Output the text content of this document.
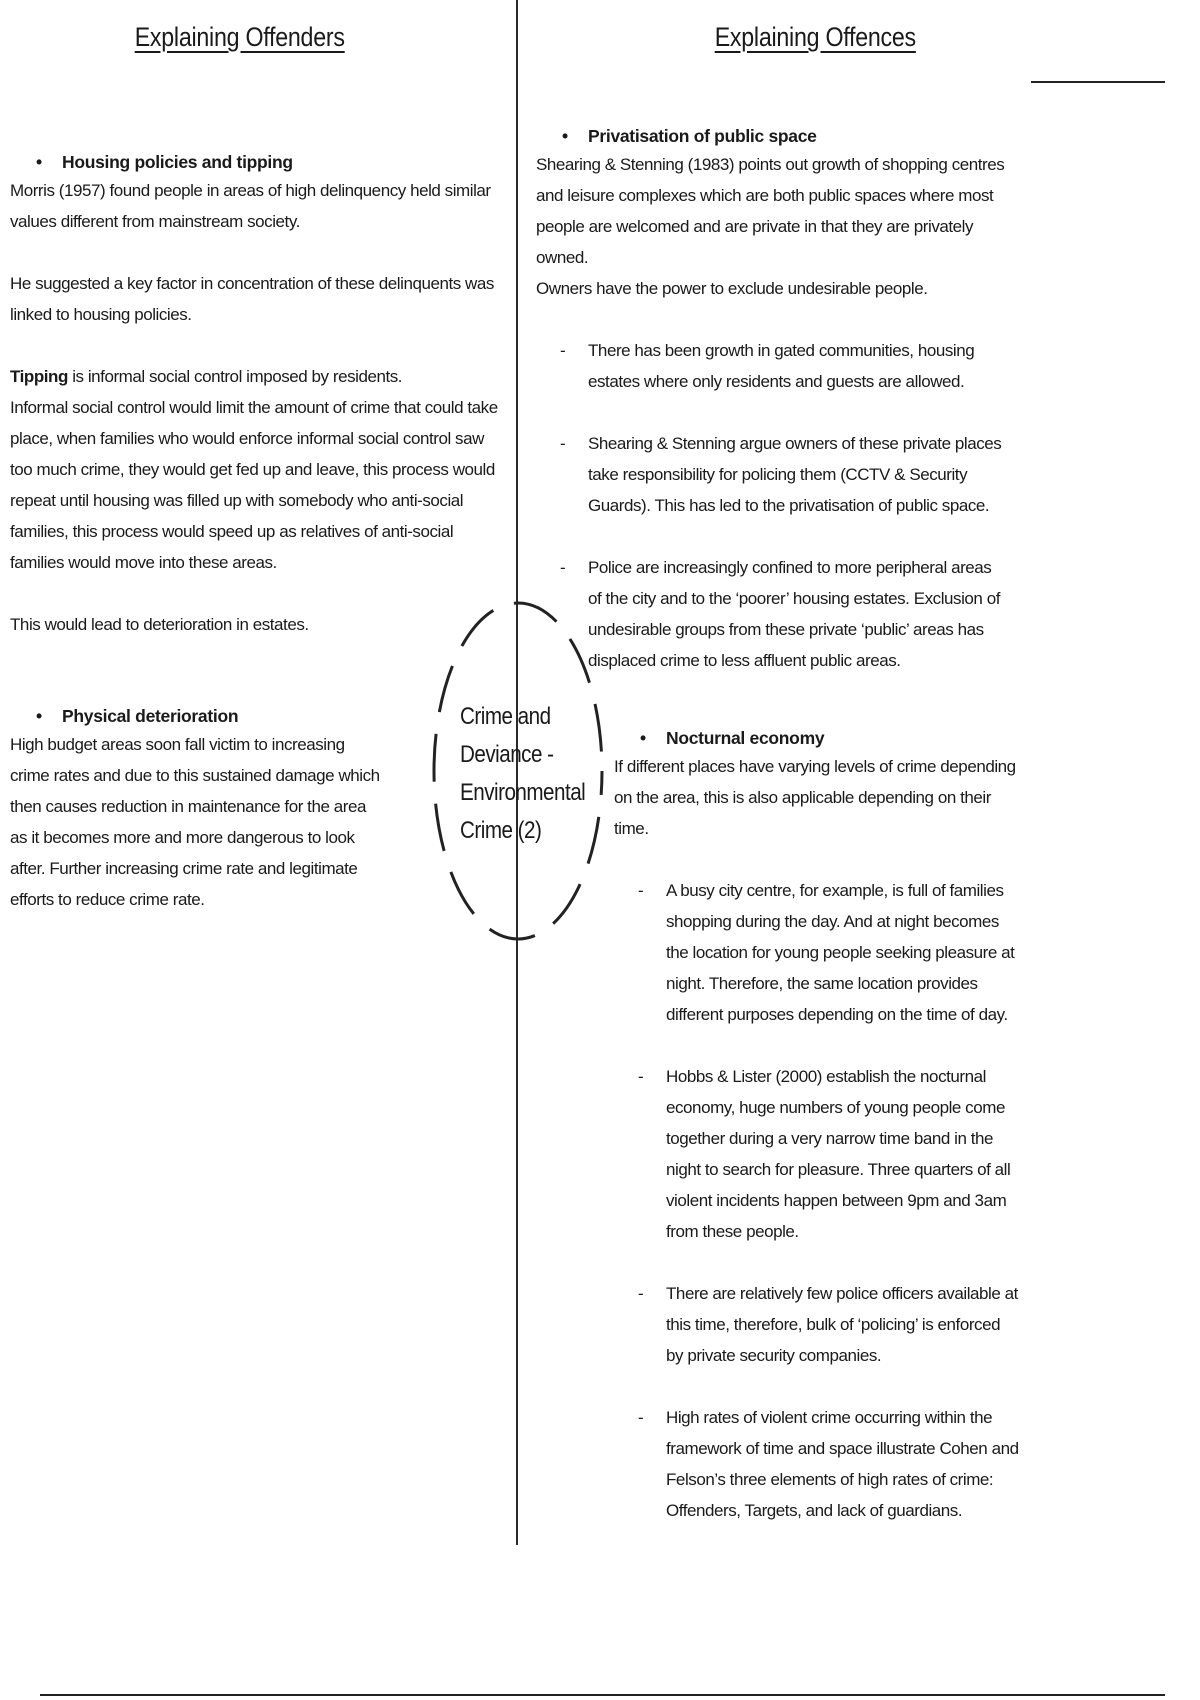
Explaining Offenders	Explaining Offences
• Housing policies and tipping

Morris (1957) found people in areas of high delinquency held similar values different from mainstream society.

He suggested a key factor in concentration of these delinquents was linked to housing policies.

Tipping is informal social control imposed by residents.

Informal social control would limit the amount of crime that could take place, when families who would enforce informal social control saw too much crime, they would get fed up and leave, this process would repeat until housing was filled up with somebody who anti-social families, this process would speed up as relatives of anti-social families would move into these areas.

This would lead to deterioration in estates.

• Physical deterioration

High budget areas soon fall victim to increasing crime rates and due to this sustained damage which then causes reduction in maintenance for the area as it becomes more and more dangerous to look after. Further increasing crime rate and legitimate efforts to reduce crime rate.

Crime and Deviance - Environmental Crime (2)
• Privatisation of public space

Shearing & Stenning (1983) points out growth of shopping centres and leisure complexes which are both public spaces where most people are welcomed and are private in that they are privately owned.

Owners have the power to exclude undesirable people.

- There has been growth in gated communities, housing estates where only residents and guests are allowed.
- Shearing & Stenning argue owners of these private places take responsibility for policing them (CCTV & Security Guards). This has led to the privatisation of public space.
- Police are increasingly confined to more peripheral areas of the city and to the ‘poorer’ housing estates. Exclusion of undesirable groups from these private ‘public’ areas has displaced crime to less affluent public areas.
• Nocturnal economy

If different places have varying levels of crime depending on the area, this is also applicable depending on their time.

- A busy city centre, for example, is full of families shopping during the day. And at night becomes the location for young people seeking pleasure at night. Therefore, the same location provides different purposes depending on the time of day.
- Hobbs & Lister (2000) establish the nocturnal economy, huge numbers of young people come together during a very narrow time band in the night to search for pleasure. Three quarters of all violent incidents happen between 9pm and 3am from these people.
- There are relatively few police officers available at this time, therefore, bulk of ‘policing’ is enforced by private security companies.
- High rates of violent crime occurring within the framework of time and space illustrate Cohen and Felson’s three elements of high rates of crime: Offenders, Targets, and lack of guardians.
